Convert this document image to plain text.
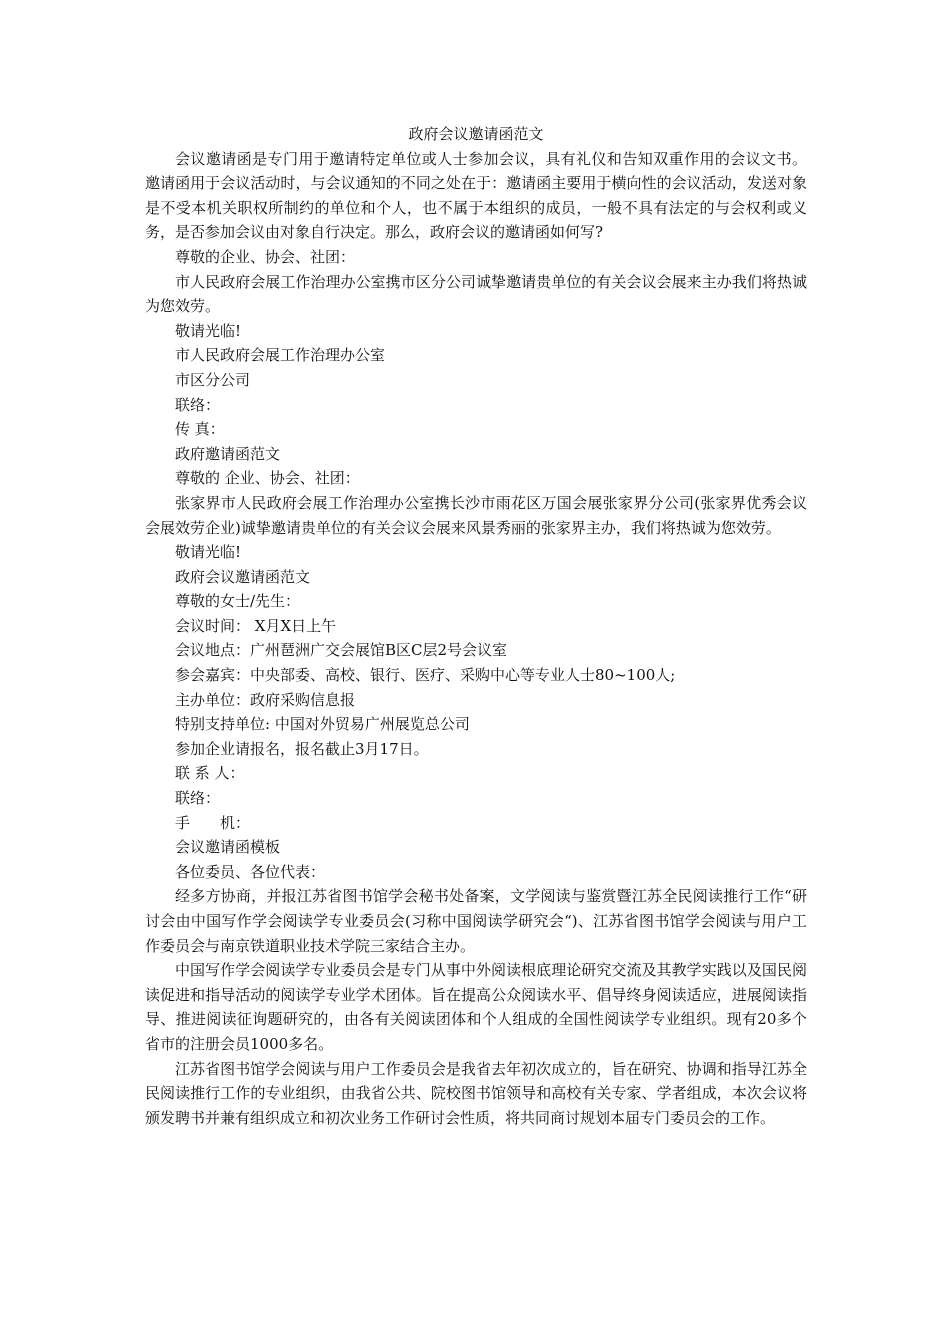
政府会议邀请函范文

会议邀请函是专门用于邀请特定单位或人士参加会议，具有礼仪和告知双重作用的会议文书。 邀请函用于会议活动时，与会议通知的不同之处在于：邀请函主要用于横向性的会议活动，发送对象是不受本机关职权所制约的单位和个人，也不属于本组织的成员，一般不具有法定的与会权利或义务，是否参加会议由对象自行决定。那么，政府会议的邀请函如何写?

尊敬的企业、协会、社团：

市人民政府会展工作治理办公室携市区分公司诚挚邀请贵单位的有关会议会展来主办我们将热诚为您效劳。

敬请光临!

市人民政府会展工作治理办公室

市区分公司

联络：

传 真：

政府邀请函范文

尊敬的 企业、协会、社团：

张家界市人民政府会展工作治理办公室携长沙市雨花区万国会展张家界分公司(张家界优秀会议会展效劳企业)诚挚邀请贵单位的有关会议会展来风景秀丽的张家界主办，我们将热诚为您效劳。

敬请光临!

政府会议邀请函范文

尊敬的女士/先生：

会议时间： X月X日上午

会议地点：广州琶洲广交会展馆B区C层2号会议室

参会嘉宾：中央部委、高校、银行、医疗、采购中心等专业人士80~100人;

主办单位：政府采购信息报

特别支持单位: 中国对外贸易广州展览总公司

参加企业请报名，报名截止3月17日。

联 系 人：

联络：

手　　机：

会议邀请函模板

各位委员、各位代表：

经多方协商，并报江苏省图书馆学会秘书处备案，文学阅读与鉴赏暨江苏全民阅读推行工作“研讨会由中国写作学会阅读学专业委员会(习称中国阅读学研究会“)、江苏省图书馆学会阅读与用户工作委员会与南京铁道职业技术学院三家结合主办。

中国写作学会阅读学专业委员会是专门从事中外阅读根底理论研究交流及其教学实践以及国民阅读促进和指导活动的阅读学专业学术团体。旨在提高公众阅读水平、倡导终身阅读适应，进展阅读指导、推进阅读征询题研究的，由各有关阅读团体和个人组成的全国性阅读学专业组织。现有20多个省市的注册会员1000多名。

江苏省图书馆学会阅读与用户工作委员会是我省去年初次成立的，旨在研究、协调和指导江苏全民阅读推行工作的专业组织，由我省公共、院校图书馆领导和高校有关专家、学者组成，本次会议将颁发聘书并兼有组织成立和初次业务工作研讨会性质，将共同商讨规划本届专门委员会的工作。
